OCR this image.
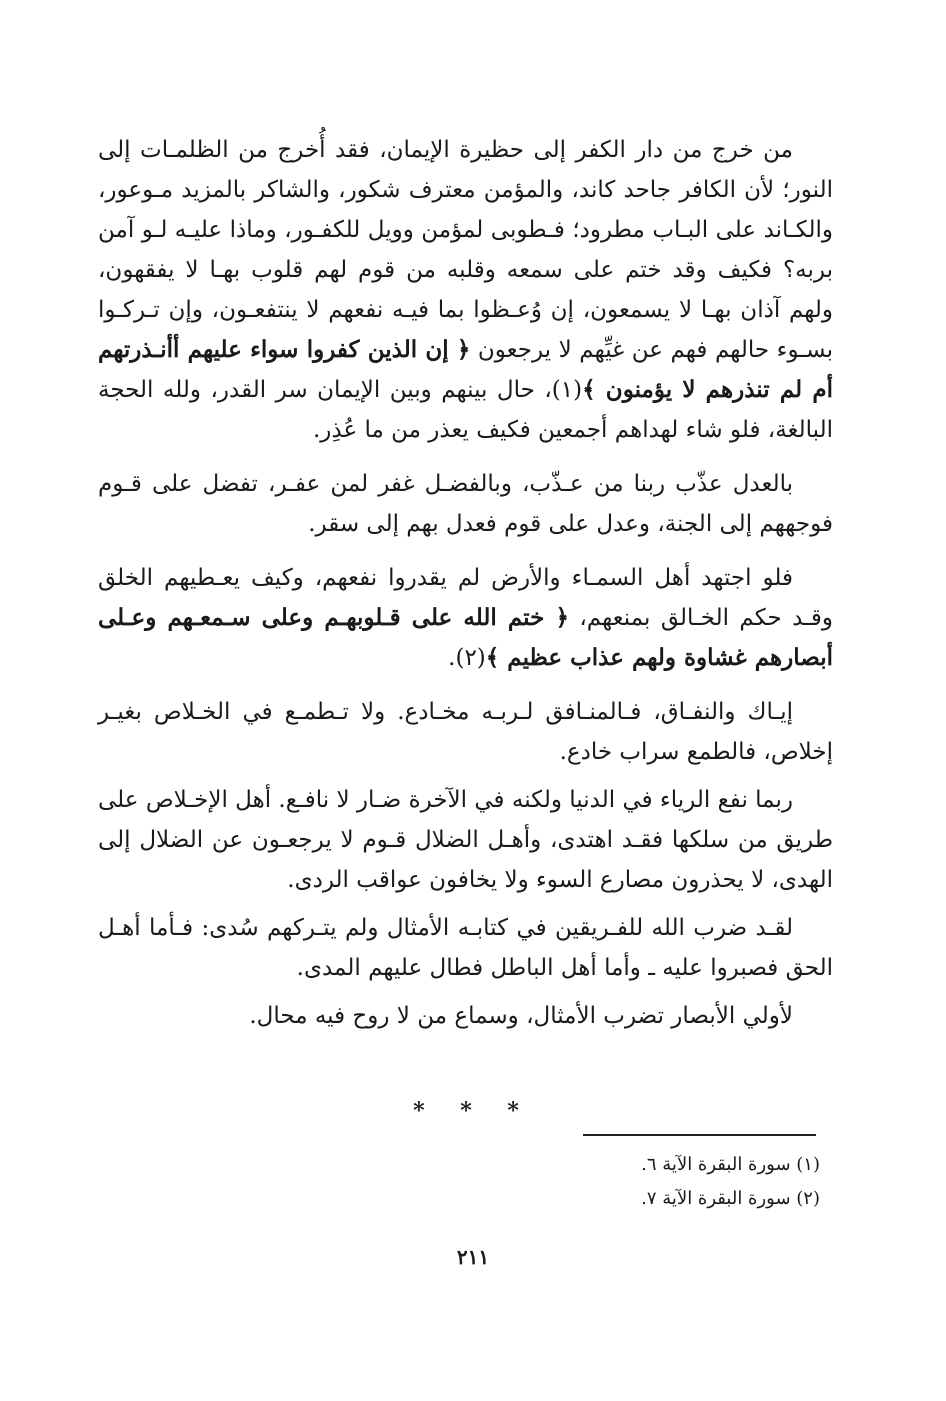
من خرج من دار الكفر إلى حظيرة الإيمان، فقد أُخرج من الظلمـات إلى النور؛ لأن الكافر جاحد كاند، والمؤمن معترف شكور، والشاكر بالمزيد مـوعور، والكـاند على البـاب مطرود؛ فـطوبى لمؤمن وويل للكفـور، وماذا عليـه لـو آمن بربه؟ فكيف وقد ختم على سمعه وقلبه من قوم لهم قلوب بهـا لا يفقهون، ولهم آذان بهـا لا يسمعون، إن وُعـظوا بما فيـه نفعهم لا ينتفعـون، وإن تـركـوا بسـوء حالهم فهم عن غيِّهم لا يرجعون ﴿ إن الذين كفروا سواء عليهم أأنـذرتهم أم لم تنذرهم لا يؤمنون ﴾(١)، حال بينهم وبين الإيمان سر القدر، ولله الحجة البالغة، فلو شاء لهداهم أجمعين فكيف يعذر من ما عُذِر.

بالعدل عذّب ربنا من عـذّب، وبالفضـل غفر لمن عفـر، تفضل على قـوم فوجههم إلى الجنة، وعدل على قوم فعدل بهم إلى سقر.

فلو اجتهد أهل السمـاء والأرض لم يقدروا نفعهم، وكيف يعـطيهم الخلق وقـد حكم الخـالق بمنعهم، ﴿ ختم الله على قـلوبهـم وعلى سـمعـهم وعـلى أبصارهم غشاوة ولهم عذاب عظيم ﴾(٢).

إيـاك والنفـاق، فـالمنـافق لـربـه مخـادع. ولا تـطمـع في الخـلاص بغيـر إخلاص، فالطمع سراب خادع.

ربما نفع الرياء في الدنيا ولكنه في الآخرة ضـار لا نافـع. أهل الإخـلاص على طريق من سلكها فقـد اهتدى، وأهـل الضلال قـوم لا يرجعـون عن الضلال إلى الهدى، لا يحذرون مصارع السوء ولا يخافون عواقب الردى.

لقـد ضرب الله للفـريقين في كتابـه الأمثال ولم يتـركهم سُدى: فـأما أهـل الحق فصبروا عليه ـ وأما أهل الباطل فطال عليهم المدى.

لأولي الأبصار تضرب الأمثال، وسماع من لا روح فيه محال.

* * *
(١) سورة البقرة الآية ٦.
(٢) سورة البقرة الآية ٧.
٢١١
